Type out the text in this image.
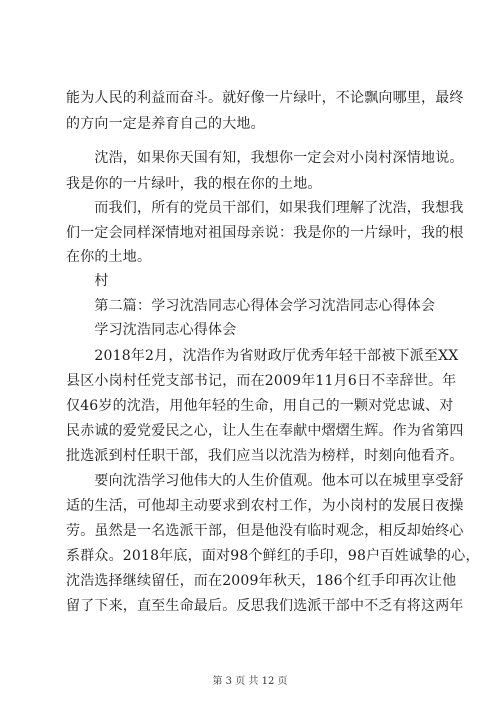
能为人民的利益而奋斗。就好像一片绿叶，不论飘向哪里，最终
的方向一定是养育自己的大地。
　　沈浩，如果你天国有知，我想你一定会对小岗村深情地说。
我是你的一片绿叶，我的根在你的土地。
　　而我们，所有的党员干部们，如果我们理解了沈浩，我想我
们一定会同样深情地对祖国母亲说：我是你的一片绿叶，我的根
在你的土地。
　　村
　　第二篇：学习沈浩同志心得体会学习沈浩同志心得体会
　　学习沈浩同志心得体会
　　2018年2月，沈浩作为省财政厅优秀年轻干部被下派至XX
县区小岗村任党支部书记，而在2009年11月6日不幸辞世。年
仅46岁的沈浩，用他年轻的生命，用自己的一颗对党忠诚、对
民赤诚的爱党爱民之心，让人生在奉献中熠熠生辉。作为省第四
批选派到村任职干部，我们应当以沈浩为榜样，时刻向他看齐。
　　要向沈浩学习他伟大的人生价值观。他本可以在城里享受舒
适的生活，可他却主动要求到农村工作，为小岗村的发展日夜操
劳。虽然是一名选派干部，但是他没有临时观念，相反却始终心
系群众。2018年底，面对98个鲜红的手印，98户百姓诚挚的心，
沈浩选择继续留任，而在2009年秋天，186个红手印再次让他
留了下来，直至生命最后。反思我们选派干部中不乏有将这两年
第 3 页 共 12 页
